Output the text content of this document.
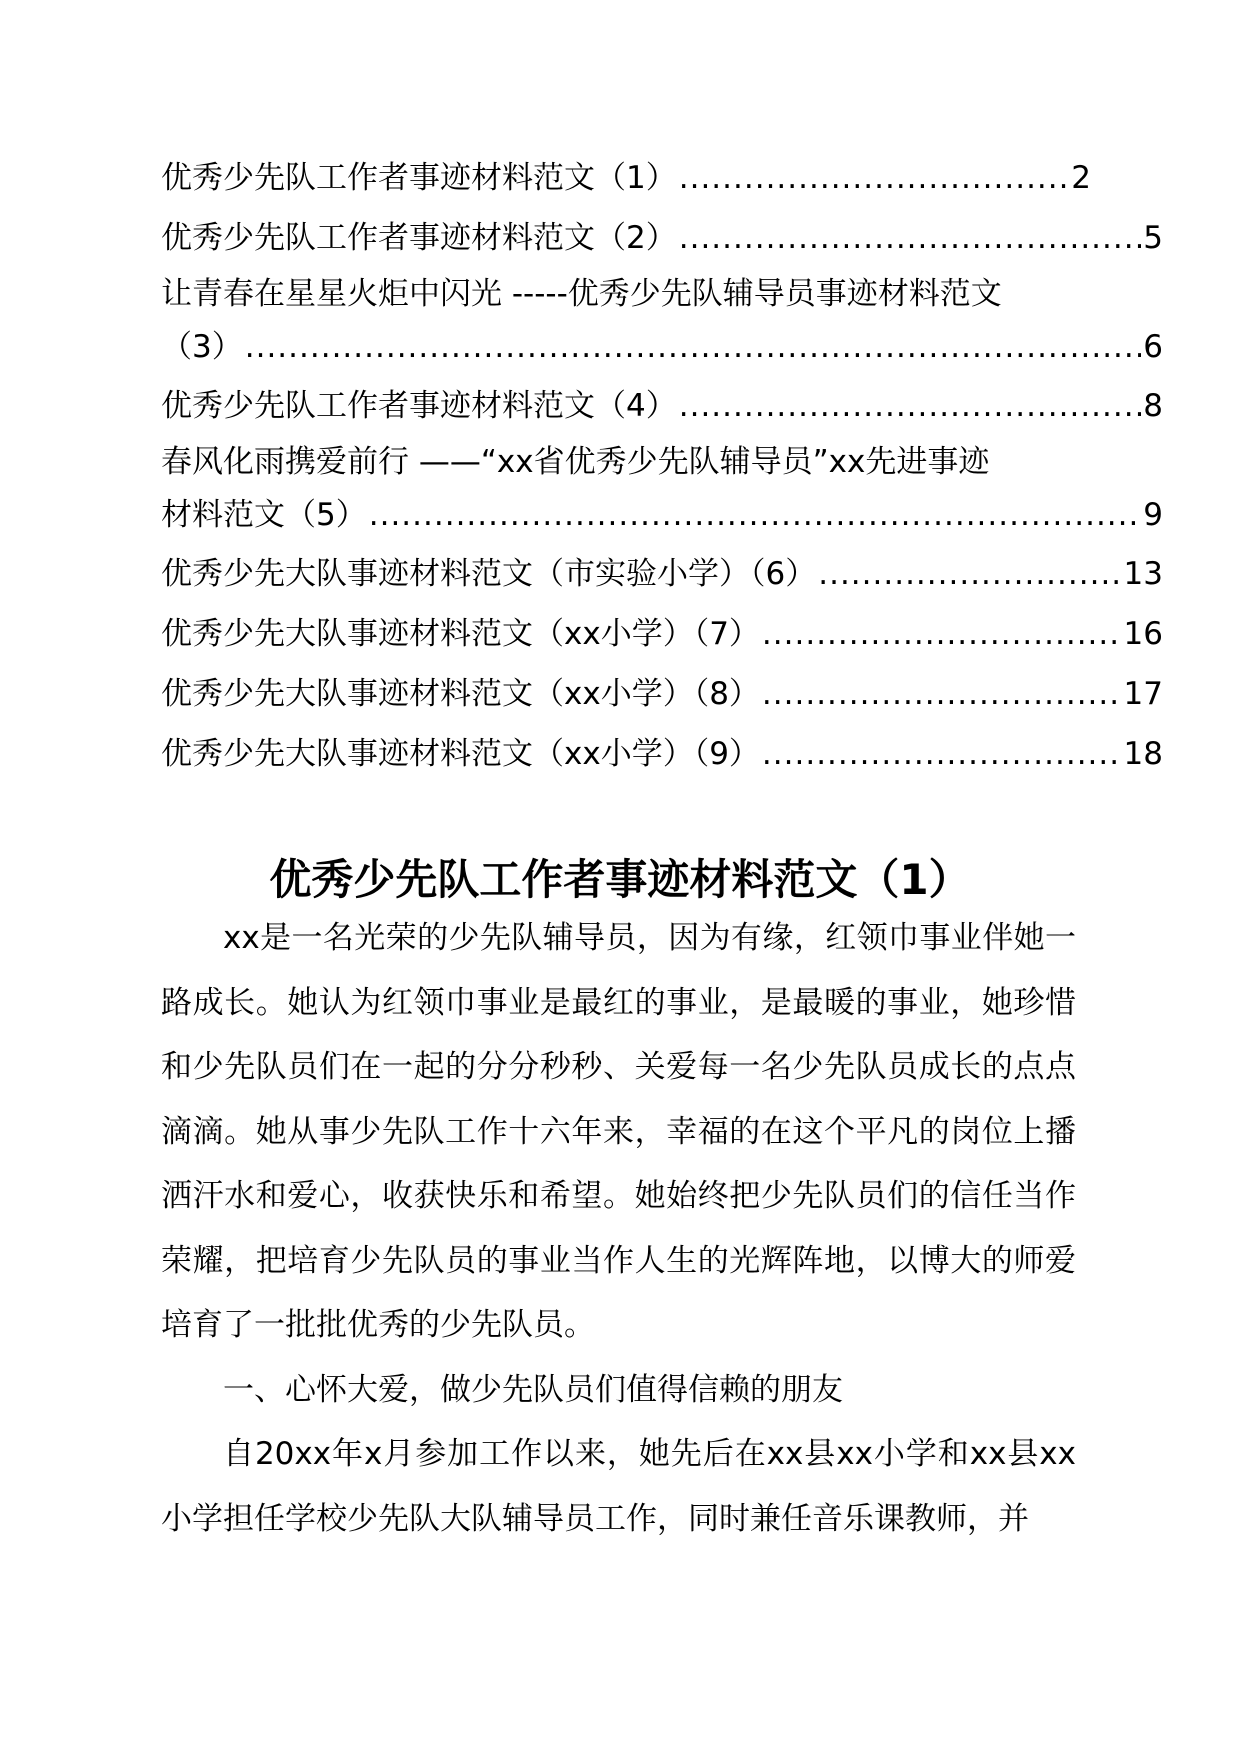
优秀少先队工作者事迹材料范文（1） .....	2
优秀少先队工作者事迹材料范文（2） .....	5
让青春在星星火炬中闪光 -----优秀少先队辅导员事迹材料范文
（3） .....	6
优秀少先队工作者事迹材料范文（4） .....	8
春风化雨携爱前行 ——“xx省优秀少先队辅导员”xx先进事迹
材料范文（5） .....	9
优秀少先大队事迹材料范文（市实验小学）（6） .....	13
优秀少先大队事迹材料范文（xx小学）（7） .....	16
优秀少先大队事迹材料范文（xx小学）（8） .....	17
优秀少先大队事迹材料范文（xx小学）（9） .....	18
优秀少先队工作者事迹材料范文（1）

xx是一名光荣的少先队辅导员，因为有缘，红领巾事业伴她一路成长。她认为红领巾事业是最红的事业，是最暖的事业，她珍惜和少先队员们在一起的分分秒秒、关爱每一名少先队员成长的点点滴滴。她从事少先队工作十六年来，幸福的在这个平凡的岗位上播洒汗水和爱心，收获快乐和希望。她始终把少先队员们的信任当作荣耀，把培育少先队员的事业当作人生的光辉阵地，以博大的师爱培育了一批批优秀的少先队员。

一、心怀大爱，做少先队员们值得信赖的朋友

自20xx年x月参加工作以来，她先后在xx县xx小学和xx县xx小学担任学校少先队大队辅导员工作，同时兼任音乐课教师，并
